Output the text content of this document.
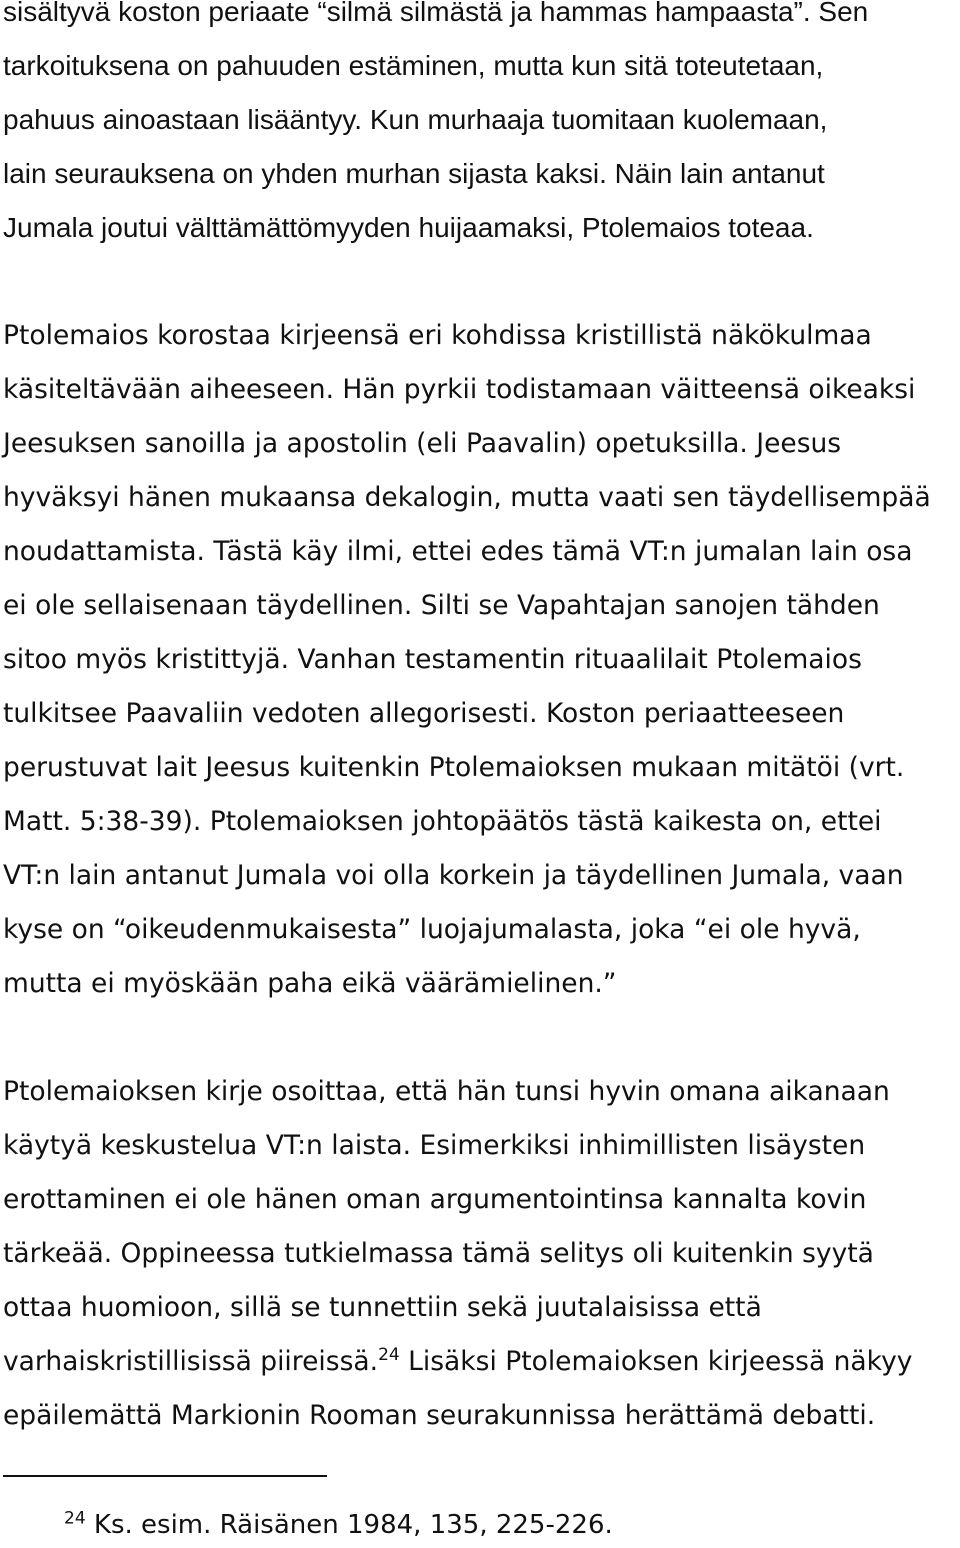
sisältyvä koston periaate “silmä silmästä ja hammas hampaasta”. Sen
tarkoituksena on pahuuden estäminen, mutta kun sitä toteutetaan,
pahuus ainoastaan lisääntyy. Kun murhaaja tuomitaan kuolemaan,
lain seurauksena on yhden murhan sijasta kaksi. Näin lain antanut
Jumala joutui välttämättömyyden huijaamaksi, Ptolemaios toteaa.
Ptolemaios korostaa kirjeensä eri kohdissa kristillistä näkökulmaa
käsiteltävään aiheeseen. Hän pyrkii todistamaan väitteensä oikeaksi
Jeesuksen sanoilla ja apostolin (eli Paavalin) opetuksilla. Jeesus
hyväksyi hänen mukaansa dekalogin, mutta vaati sen täydellisempää
noudattamista. Tästä käy ilmi, ettei edes tämä VT:n jumalan lain osa
ei ole sellaisenaan täydellinen. Silti se Vapahtajan sanojen tähden
sitoo myös kristittyjä. Vanhan testamentin rituaalilait Ptolemaios
tulkitsee Paavaliin vedoten allegorisesti. Koston periaatteeseen
perustuvat lait Jeesus kuitenkin Ptolemaioksen mukaan mitätöi (vrt.
Matt. 5:38-39). Ptolemaioksen johtopäätös tästä kaikesta on, ettei
VT:n lain antanut Jumala voi olla korkein ja täydellinen Jumala, vaan
kyse on “oikeudenmukaisesta” luojajumalasta, joka “ei ole hyvä,
mutta ei myöskään paha eikä väärämielinen.”
Ptolemaioksen kirje osoittaa, että hän tunsi hyvin omana aikanaan
käytyä keskustelua VT:n laista. Esimerkiksi inhimillisten lisäysten
erottaminen ei ole hänen oman argumentointinsa kannalta kovin
tärkeää. Oppineessa tutkielmassa tämä selitys oli kuitenkin syytä
ottaa huomioon, sillä se tunnettiin sekä juutalaisissa että
varhaiskristillisissä piireissä.$^{24}$ Lisäksi Ptolemaioksen kirjeessä näkyy
epäilemättä Markionin Rooman seurakunnissa herättämä debatti.
$^{24}$ Ks. esim. Räisänen 1984, 135, 225-226.
